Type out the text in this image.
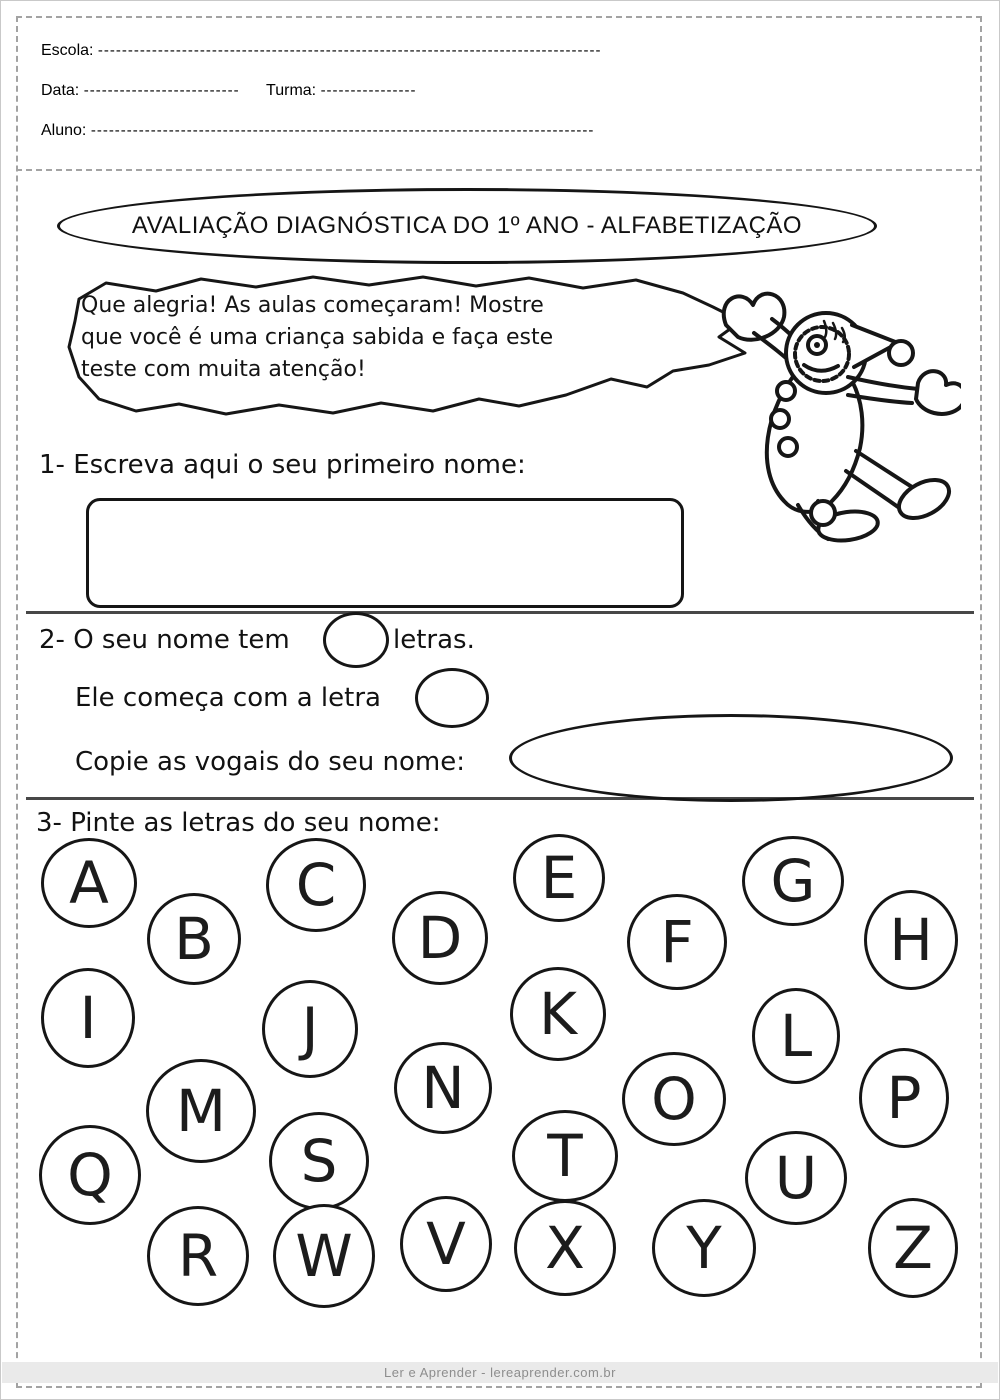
Escola: ------------------------------------------------------------------------------------
Data: -------------------------- Turma: ----------------
Aluno: ------------------------------------------------------------------------------------
AVALIAÇÃO DIAGNÓSTICA DO 1º ANO - ALFABETIZAÇÃO
Que alegria! As aulas começaram! Mostre
que você é uma criança sabida e faça este
teste com muita atenção!
1- Escreva aqui o seu primeiro nome:
2- O seu nome tem	letras.
Ele começa com a letra
Copie as vogais do seu nome:
3- Pinte as letras do seu nome:
A
B
C
D
E
F
G
H
I	J	K	L
M	N	O	P
Q	S	T	U
R W V X Y	Z
Ler e Aprender - lereaprender.com.br
